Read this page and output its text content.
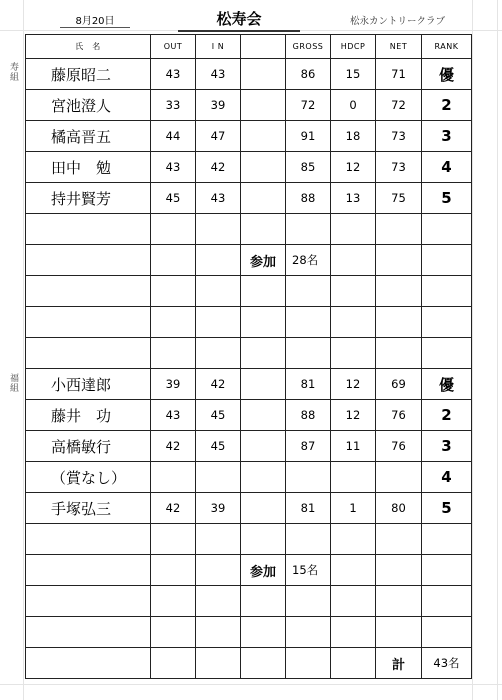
8月20日	松寿会	松永カントリークラブ
寿組
福組
氏　名	OUT	I N		GROSS	HDCP	NET	RANK
藤原昭二	43	43		86	15	71	優
宮池澄人	33	39		72	0	72	2
橘高晋五	44	47		91	18	73	3
田中　勉	43	42		85	12	73	4
持井賢芳	45	43		88	13	75	5

			参加	28名			

小西達郎	39	42		81	12	69	優
藤井　功	43	45		88	12	76	2
高橋敏行	42	45		87	11	76	3
（賞なし）							4
手塚弘三	42	39		81	1	80	5

			参加	15名			

						計	43名
